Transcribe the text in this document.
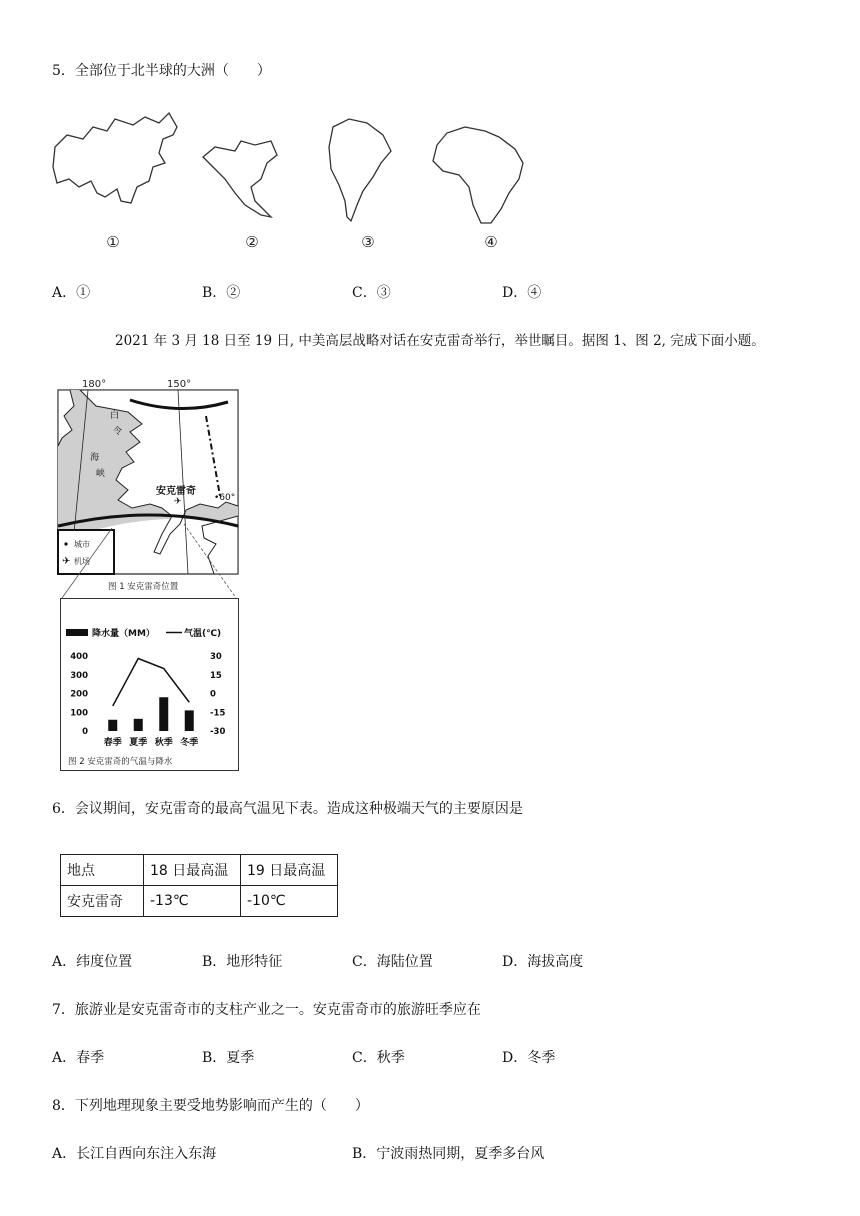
5．全部位于北半球的大洲（　　）
①	②	③	④
A．①	B．②	C．③	D．④
2021 年 3 月 18 日至 19 日, 中美高层战略对话在安克雷奇举行，举世瞩目。据图 1、图 2, 完成下面小题。
180°	150°
白
令
海
峡
安克雷奇
✈	•60°
城市
✈ 机场
图 1 安克雷奇位置
降水量（MM）	气温(℃)
400
300
200
100
0
30
15
0
-15
-30
春季 夏季 秋季 冬季
图 2 安克雷奇的气温与降水
6．会议期间，安克雷奇的最高气温见下表。造成这种极端天气的主要原因是
地点	18 日最高温	19 日最高温
安克雷奇	-13℃	-10℃
A．纬度位置	B．地形特征	C．海陆位置	D．海拔高度
7．旅游业是安克雷奇市的支柱产业之一。安克雷奇市的旅游旺季应在
A．春季	B．夏季	C．秋季	D．冬季
8．下列地理现象主要受地势影响而产生的（　　）
A．长江自西向东注入东海	B．宁波雨热同期，夏季多台风
